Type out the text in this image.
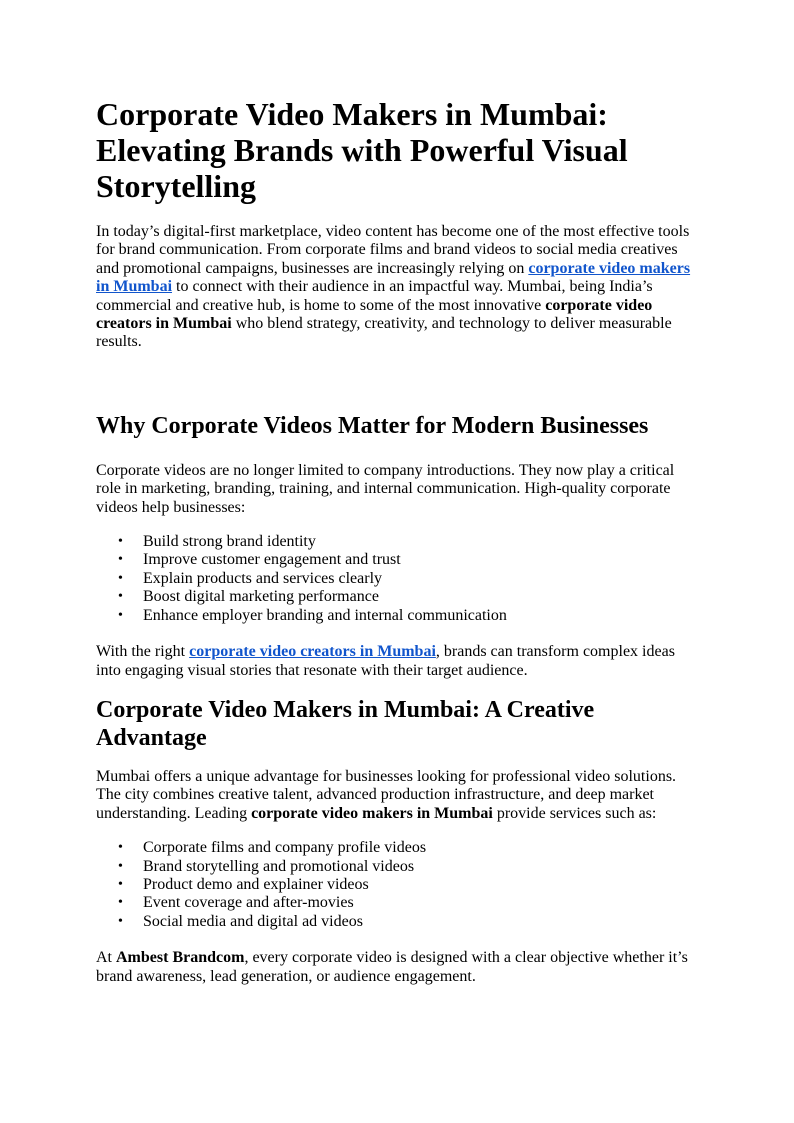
Corporate Video Makers in Mumbai: Elevating Brands with Powerful Visual Storytelling

In today’s digital-first marketplace, video content has become one of the most effective tools for brand communication. From corporate films and brand videos to social media creatives and promotional campaigns, businesses are increasingly relying on corporate video makers in Mumbai to connect with their audience in an impactful way. Mumbai, being India’s commercial and creative hub, is home to some of the most innovative corporate video creators in Mumbai who blend strategy, creativity, and technology to deliver measurable results.

Why Corporate Videos Matter for Modern Businesses

Corporate videos are no longer limited to company introductions. They now play a critical role in marketing, branding, training, and internal communication. High-quality corporate videos help businesses:

• Build strong brand identity
• Improve customer engagement and trust
• Explain products and services clearly
• Boost digital marketing performance
• Enhance employer branding and internal communication

With the right corporate video creators in Mumbai, brands can transform complex ideas into engaging visual stories that resonate with their target audience.

Corporate Video Makers in Mumbai: A Creative Advantage

Mumbai offers a unique advantage for businesses looking for professional video solutions. The city combines creative talent, advanced production infrastructure, and deep market understanding. Leading corporate video makers in Mumbai provide services such as:

• Corporate films and company profile videos
• Brand storytelling and promotional videos
• Product demo and explainer videos
• Event coverage and after-movies
• Social media and digital ad videos

At Ambest Brandcom, every corporate video is designed with a clear objective whether it’s brand awareness, lead generation, or audience engagement.
